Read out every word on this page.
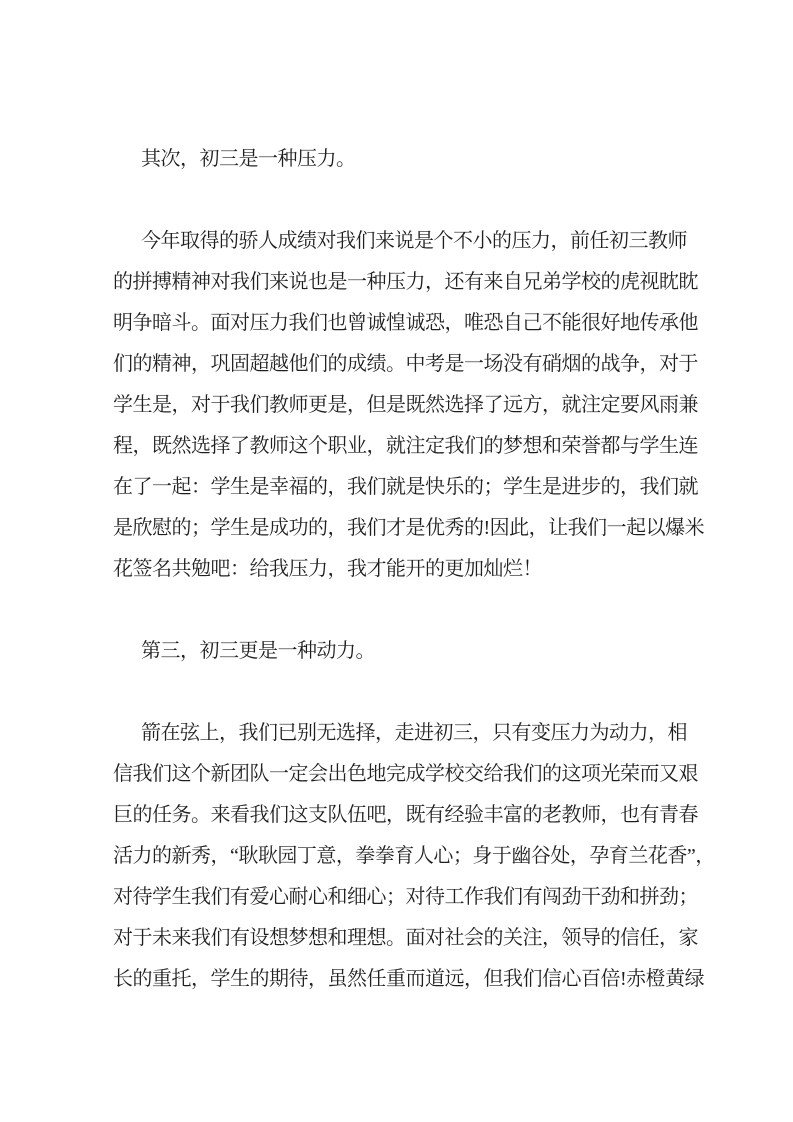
其次，初三是一种压力。
今年取得的骄人成绩对我们来说是个不小的压力，前任初三教师
的拼搏精神对我们来说也是一种压力，还有来自兄弟学校的虎视眈眈
明争暗斗。面对压力我们也曾诚惶诚恐，唯恐自己不能很好地传承他
们的精神，巩固超越他们的成绩。中考是一场没有硝烟的战争，对于
学生是，对于我们教师更是，但是既然选择了远方，就注定要风雨兼
程，既然选择了教师这个职业，就注定我们的梦想和荣誉都与学生连
在了一起：学生是幸福的，我们就是快乐的；学生是进步的，我们就
是欣慰的；学生是成功的，我们才是优秀的!因此，让我们一起以爆米
花签名共勉吧：给我压力，我才能开的更加灿烂！
第三，初三更是一种动力。
箭在弦上，我们已别无选择，走进初三，只有变压力为动力，相
信我们这个新团队一定会出色地完成学校交给我们的这项光荣而又艰
巨的任务。来看我们这支队伍吧，既有经验丰富的老教师，也有青春
活力的新秀，“耿耿园丁意，拳拳育人心；身于幽谷处，孕育兰花香”，
对待学生我们有爱心耐心和细心；对待工作我们有闯劲干劲和拼劲；
对于未来我们有设想梦想和理想。面对社会的关注，领导的信任，家
长的重托，学生的期待，虽然任重而道远，但我们信心百倍!赤橙黄绿
